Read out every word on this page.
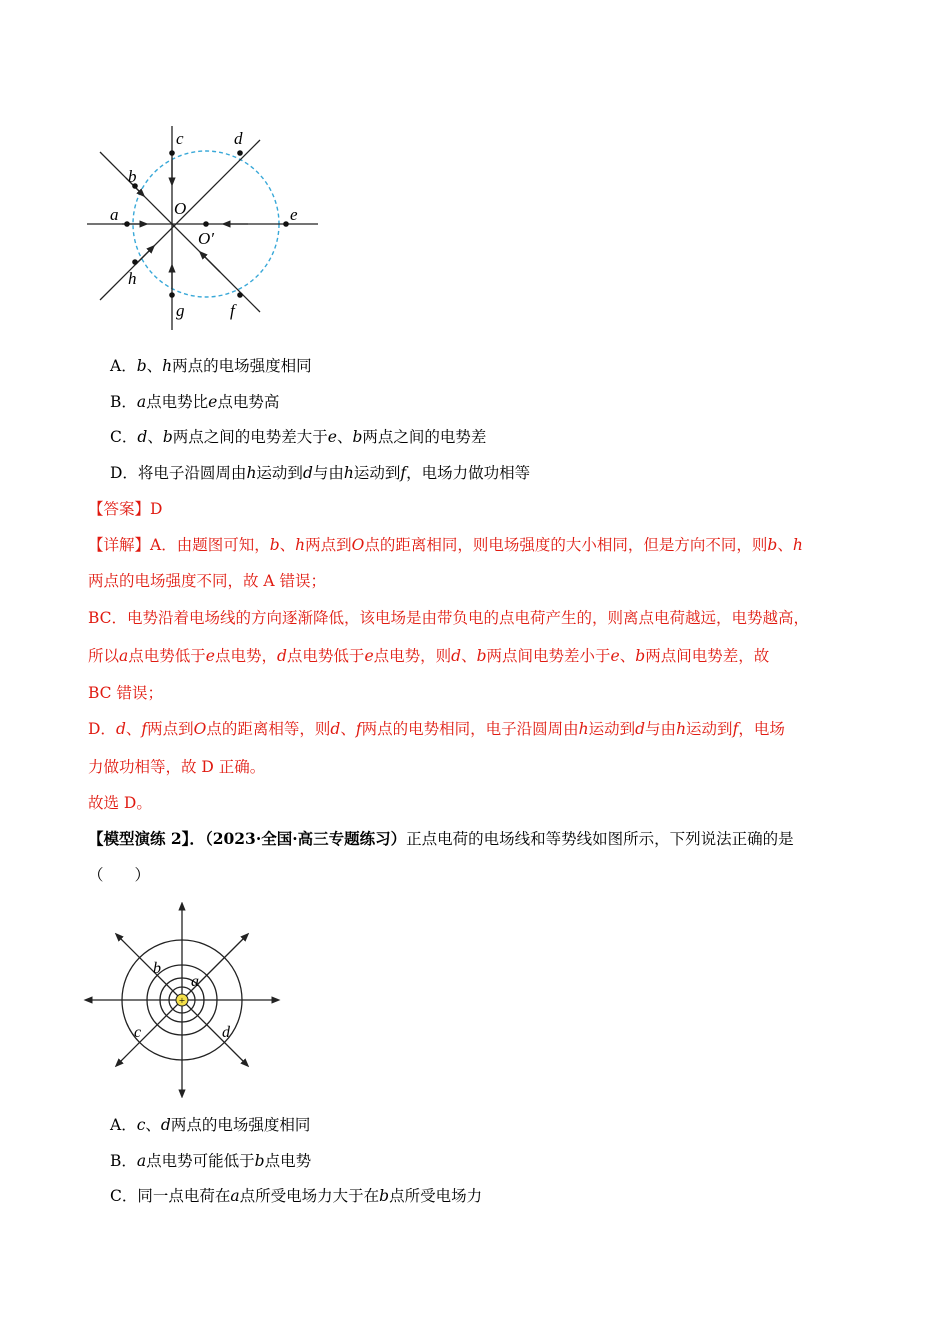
c	d
b
O
a	e
O′
h
g	f
A．b、h两点的电场强度相同
B．a点电势比e点电势高
C．d、b两点之间的电势差大于e、b两点之间的电势差
D．将电子沿圆周由h运动到d与由h运动到f，电场力做功相等
【答案】D
【详解】A．由题图可知，b、h两点到O点的距离相同，则电场强度的大小相同，但是方向不同，则b、h
两点的电场强度不同，故 A 错误；
BC．电势沿着电场线的方向逐渐降低，该电场是由带负电的点电荷产生的，则离点电荷越远，电势越高，
所以a点电势低于e点电势，d点电势低于e点电势，则d、b两点间电势差小于e、b两点间电势差，故
BC 错误；
D．d、f两点到O点的距离相等，则d、f两点的电势相同，电子沿圆周由h运动到d与由h运动到f，电场
力做功相等，故 D 正确。
故选 D。
【模型演练 2】．（2023·全国·高三专题练习）正点电荷的电场线和等势线如图所示，下列说法正确的是
（　　）
+
a
b
c	d
A．c、d两点的电场强度相同
B．a点电势可能低于b点电势
C．同一点电荷在a点所受电场力大于在b点所受电场力
